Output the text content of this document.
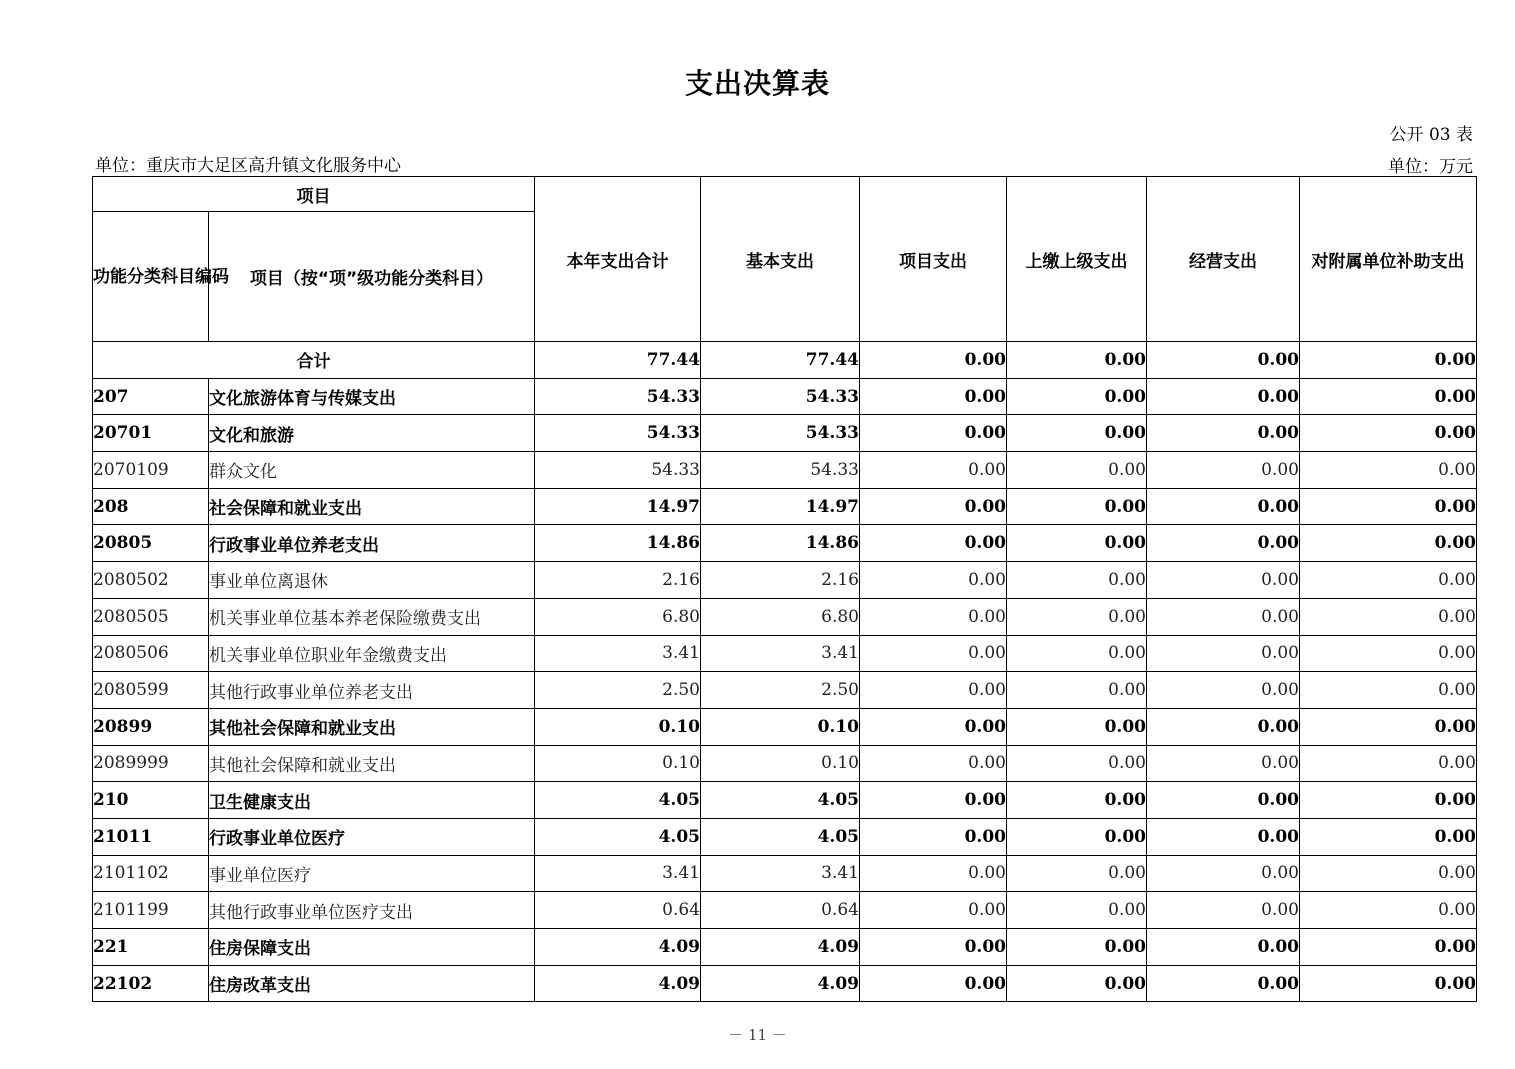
支出决算表
公开 03 表
单位：重庆市大足区高升镇文化服务中心	单位：万元
项目		本年支出合计	基本支出	项目支出	上缴上级支出	经营支出	对附属单位补助支出
功能分类科目编码	项目（按“项”级功能分类科目）						
合计		77.44	77.44	0.00	0.00	0.00	0.00
207	文化旅游体育与传媒支出	54.33	54.33	0.00	0.00	0.00	0.00
20701	文化和旅游	54.33	54.33	0.00	0.00	0.00	0.00
2070109	群众文化	54.33	54.33	0.00	0.00	0.00	0.00
208	社会保障和就业支出	14.97	14.97	0.00	0.00	0.00	0.00
20805	行政事业单位养老支出	14.86	14.86	0.00	0.00	0.00	0.00
2080502	事业单位离退休	2.16	2.16	0.00	0.00	0.00	0.00
2080505	机关事业单位基本养老保险缴费支出	6.80	6.80	0.00	0.00	0.00	0.00
2080506	机关事业单位职业年金缴费支出	3.41	3.41	0.00	0.00	0.00	0.00
2080599	其他行政事业单位养老支出	2.50	2.50	0.00	0.00	0.00	0.00
20899	其他社会保障和就业支出	0.10	0.10	0.00	0.00	0.00	0.00
2089999	其他社会保障和就业支出	0.10	0.10	0.00	0.00	0.00	0.00
210	卫生健康支出	4.05	4.05	0.00	0.00	0.00	0.00
21011	行政事业单位医疗	4.05	4.05	0.00	0.00	0.00	0.00
2101102	事业单位医疗	3.41	3.41	0.00	0.00	0.00	0.00
2101199	其他行政事业单位医疗支出	0.64	0.64	0.00	0.00	0.00	0.00
221	住房保障支出	4.09	4.09	0.00	0.00	0.00	0.00
22102	住房改革支出	4.09	4.09	0.00	0.00	0.00	0.00
－ 11 －
